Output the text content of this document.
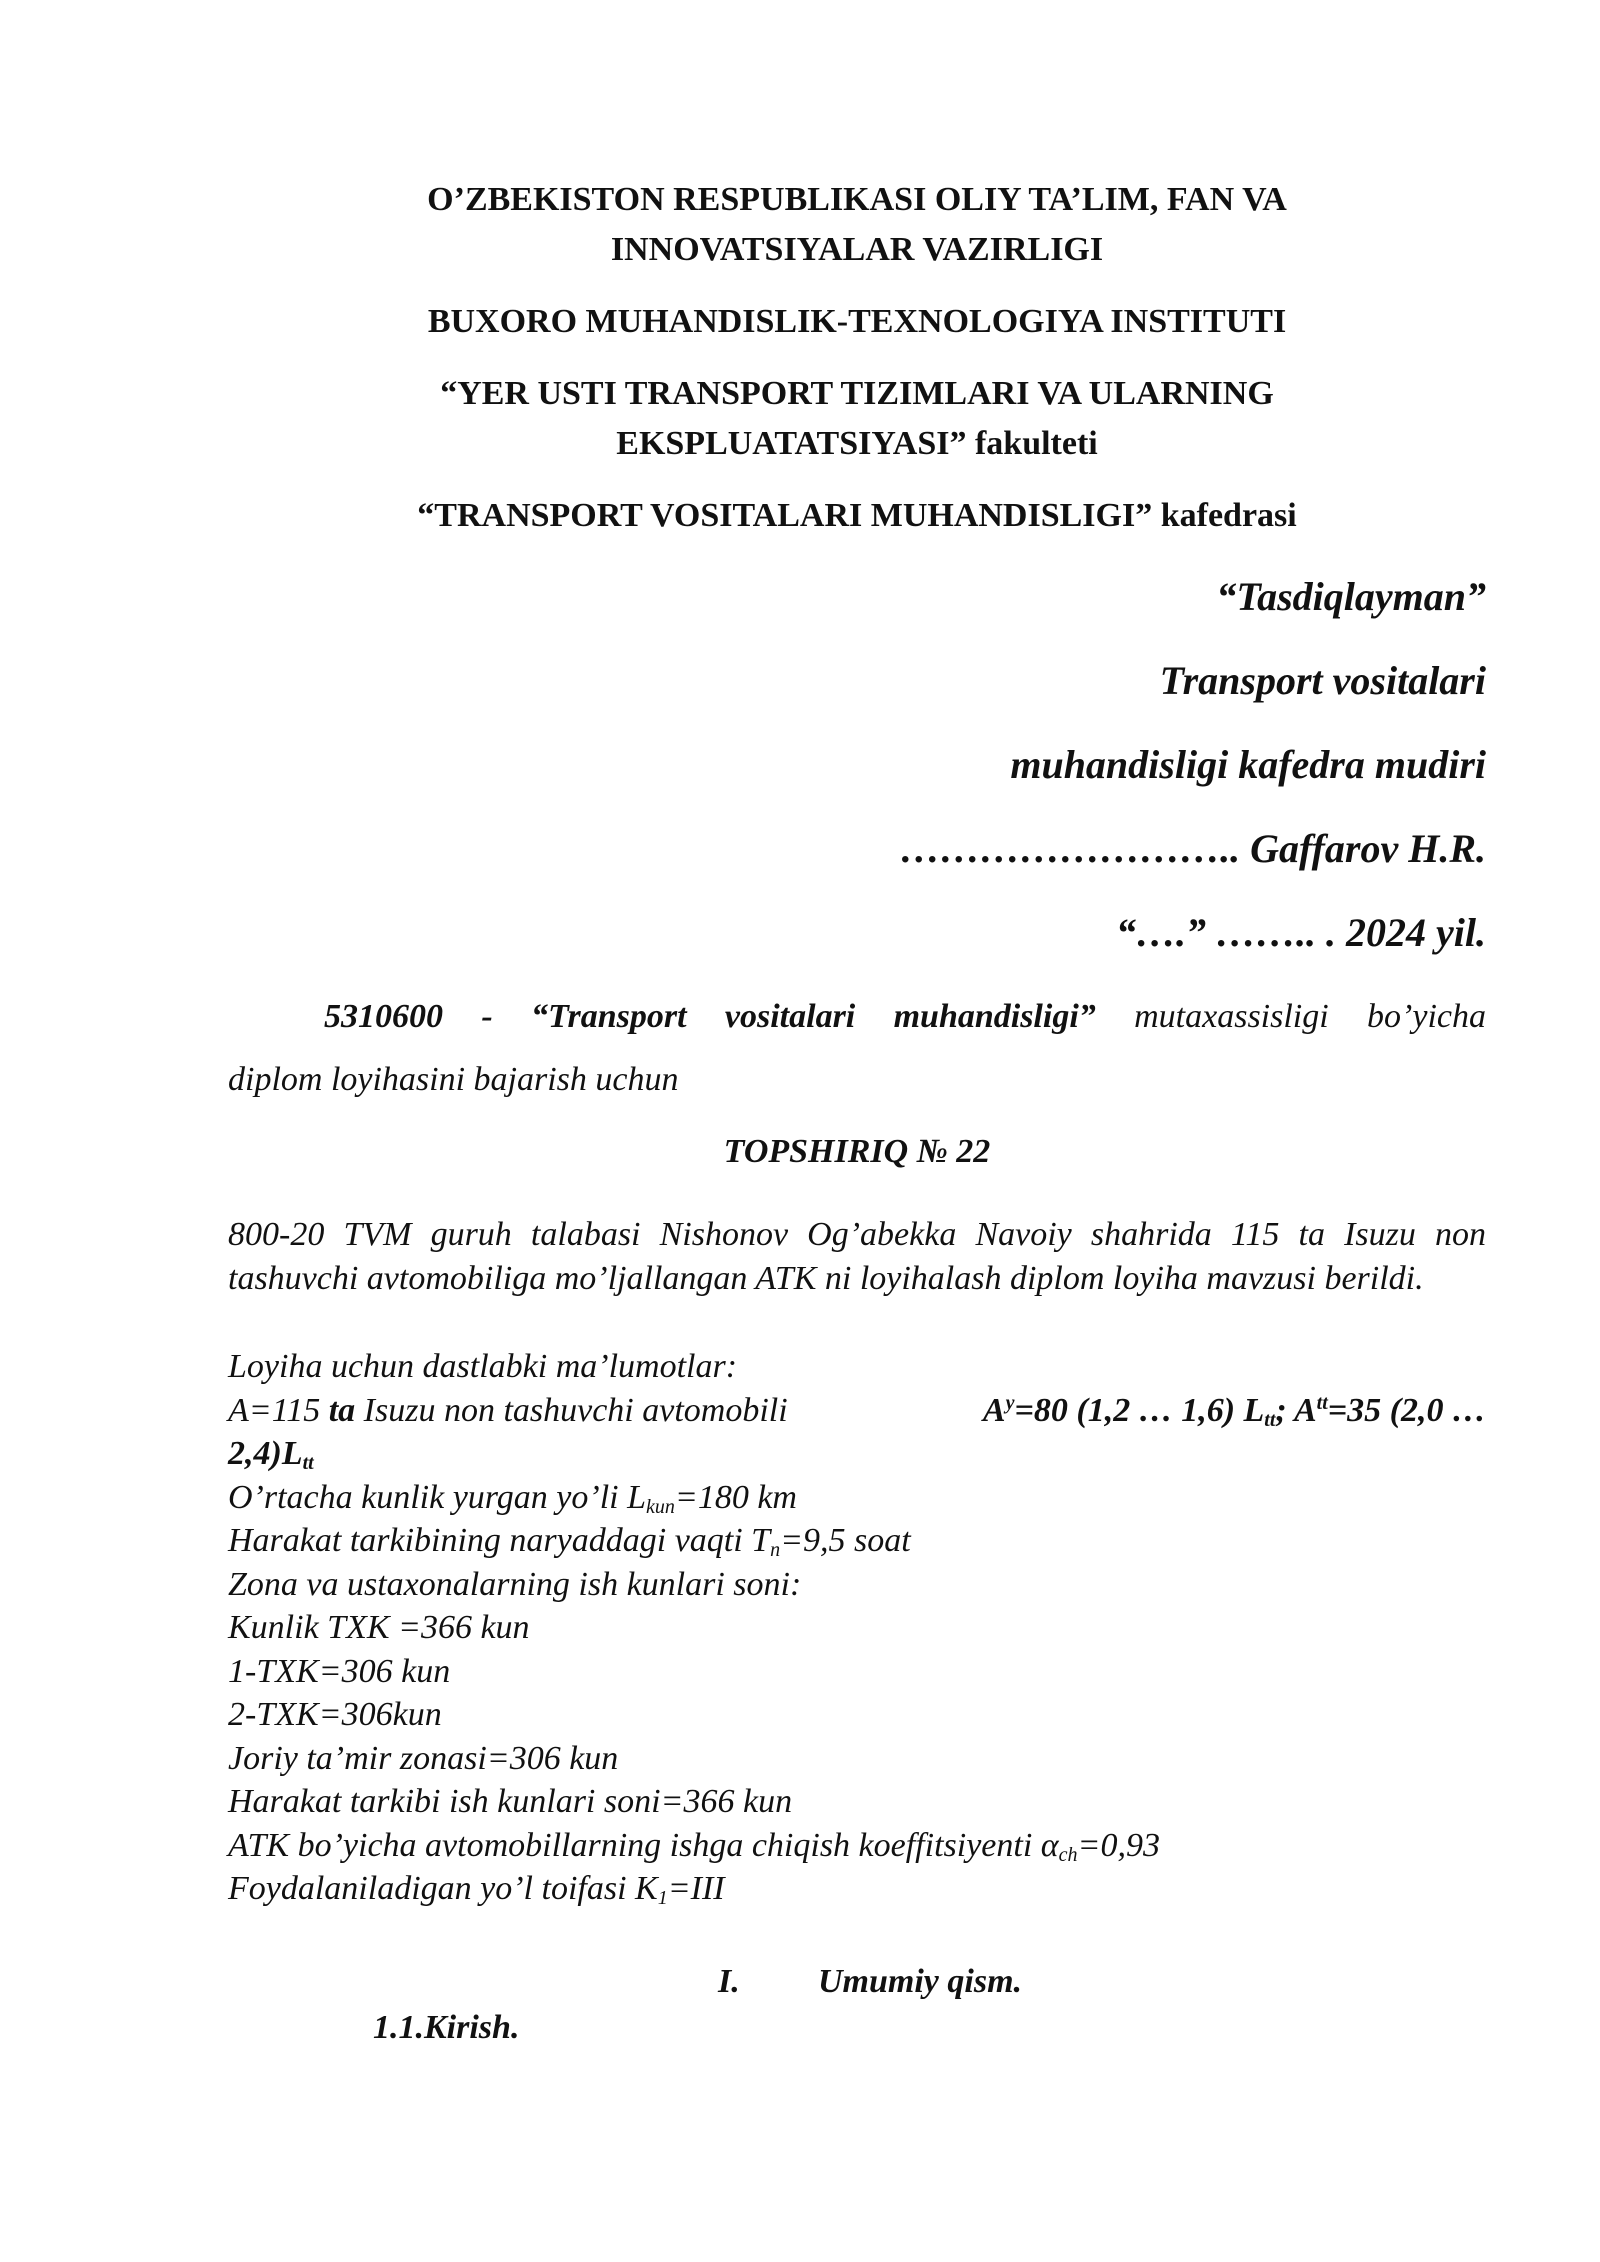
O’ZBEKISTON RESPUBLIKASI OLIY TA’LIM, FAN VA

INNOVATSIYALAR VAZIRLIGI

BUXORO MUHANDISLIK-TEXNOLOGIYA INSTITUTI

“YER USTI TRANSPORT TIZIMLARI VA ULARNING

EKSPLUATATSIYASI” fakulteti

“TRANSPORT VOSITALARI MUHANDISLIGI” kafedrasi

“Tasdiqlayman”

Transport vositalari

muhandisligi kafedra mudiri

…………………….. Gaffarov H.R.

“….” …….. . 2024 yil.

5310600 - “Transport vositalari muhandisligi” mutaxassisligi bo’yicha
diplom loyihasini bajarish uchun
TOPSHIRIQ № 22
800-20 TVM guruh talabasi Nishonov Og’abekka Navoiy shahrida 115 ta Isuzu non tashuvchi avtomobiliga mo’ljallangan ATK ni loyihalash diplom loyiha mavzusi berildi.

Loyiha uchun dastlabki ma’lumotlar:

A=115 ta Isuzu non tashuvchi avtomobili	$A^y=80$ (1,2 … 1,6) $L_{tt}$; $A^{tt}=35$ (2,0 …

$2,4)L_{tt}$

O’rtacha kunlik yurgan yo’li $L_{kun}=180$ km

Harakat tarkibining naryaddagi vaqti $T_n=9,5$ soat

Zona va ustaxonalarning ish kunlari soni:

Kunlik TXK =366 kun

1-TXK=306 kun

2-TXK=306kun

Joriy ta’mir zonasi=306 kun

Harakat tarkibi ish kunlari soni=366 kun

ATK bo’yicha avtomobillarning ishga chiqish koeffitsiyenti $\alpha_{ch}=0,93$

Foydalaniladigan yo’l toifasi $K_1=III$

I. Umumiy qism.
1.1.Kirish.
